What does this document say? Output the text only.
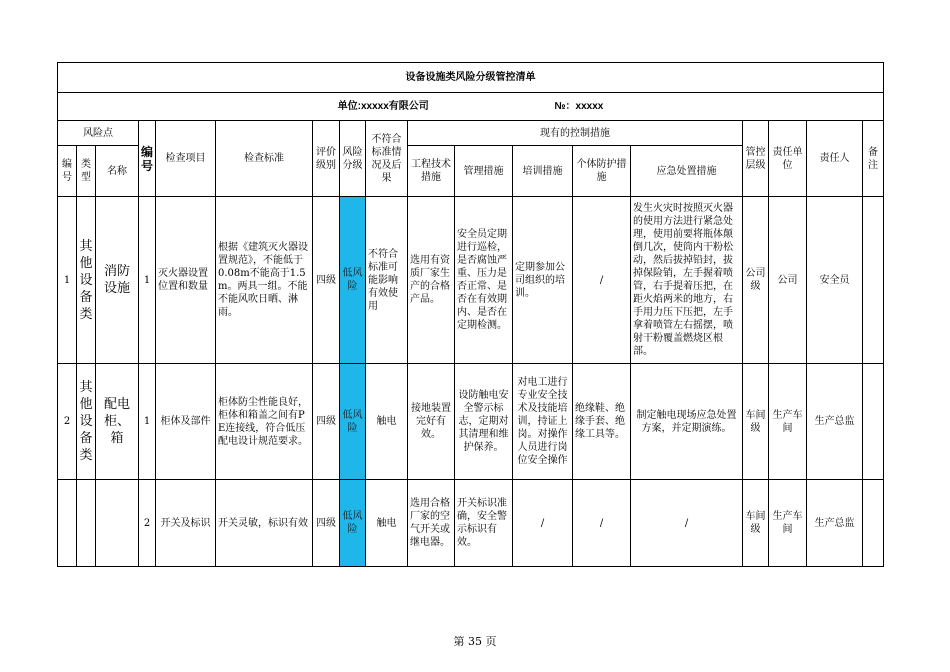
设备设施类风险分级管控清单																	
单位:xxxxx有限公司 №：xxxxx																	
风险点			编号	检查项目	检查标准	评价级别	风险分级	不符合标准情况及后果	现有的控制措施					管控层级	责任单位	责任人	备注
编号	类型	名称							工程技术措施	管理措施	培训措施	个体防护措施	应急处置措施				
1	其他设备类	消防设施	1	灭火器设置位置和数量	根据《建筑灭火器设置规范》，不能低于0.08m不能高于1.5m。两具一组。不能不能风吹日晒、淋雨。	四级	低风险	不符合标准可能影响有效使用	选用有资质厂家生产的合格产品。	安全员定期进行巡检，是否腐蚀严重、压力是否正常、是否在有效期内、是否在定期检测。	定期参加公司组织的培训。	/	发生火灾时按照灭火器的使用方法进行紧急处理，使用前要将瓶体颠倒几次，使筒内干粉松动，然后拔掉铅封，拔掉保险销，左手握着喷管，右手提着压把，在距火焰两米的地方，右手用力压下压把，左手拿着喷管左右摇摆，喷射干粉覆盖燃烧区根部。	公司级	公司	安全员	
2	其他设备类	配电柜、箱	1	柜体及部件	柜体防尘性能良好，柜体和箱盖之间有PE连接线，符合低压配电设计规范要求。	四级	低风险	触电	接地装置完好有效。	设防触电安全警示标志，定期对其清理和维护保养。	对电工进行专业安全技术及技能培训，持证上岗。对操作人员进行岗位安全操作	绝缘鞋、绝缘手套、绝缘工具等。	制定触电现场应急处置方案，并定期演练。	车间级	生产车间	生产总监	
			2	开关及标识	开关灵敏，标识有效	四级	低风险	触电	选用合格厂家的空气开关或继电器。	开关标识准确，安全警示标识有效。	/	/	/	车间级	生产车间	生产总监	
第 35 页
